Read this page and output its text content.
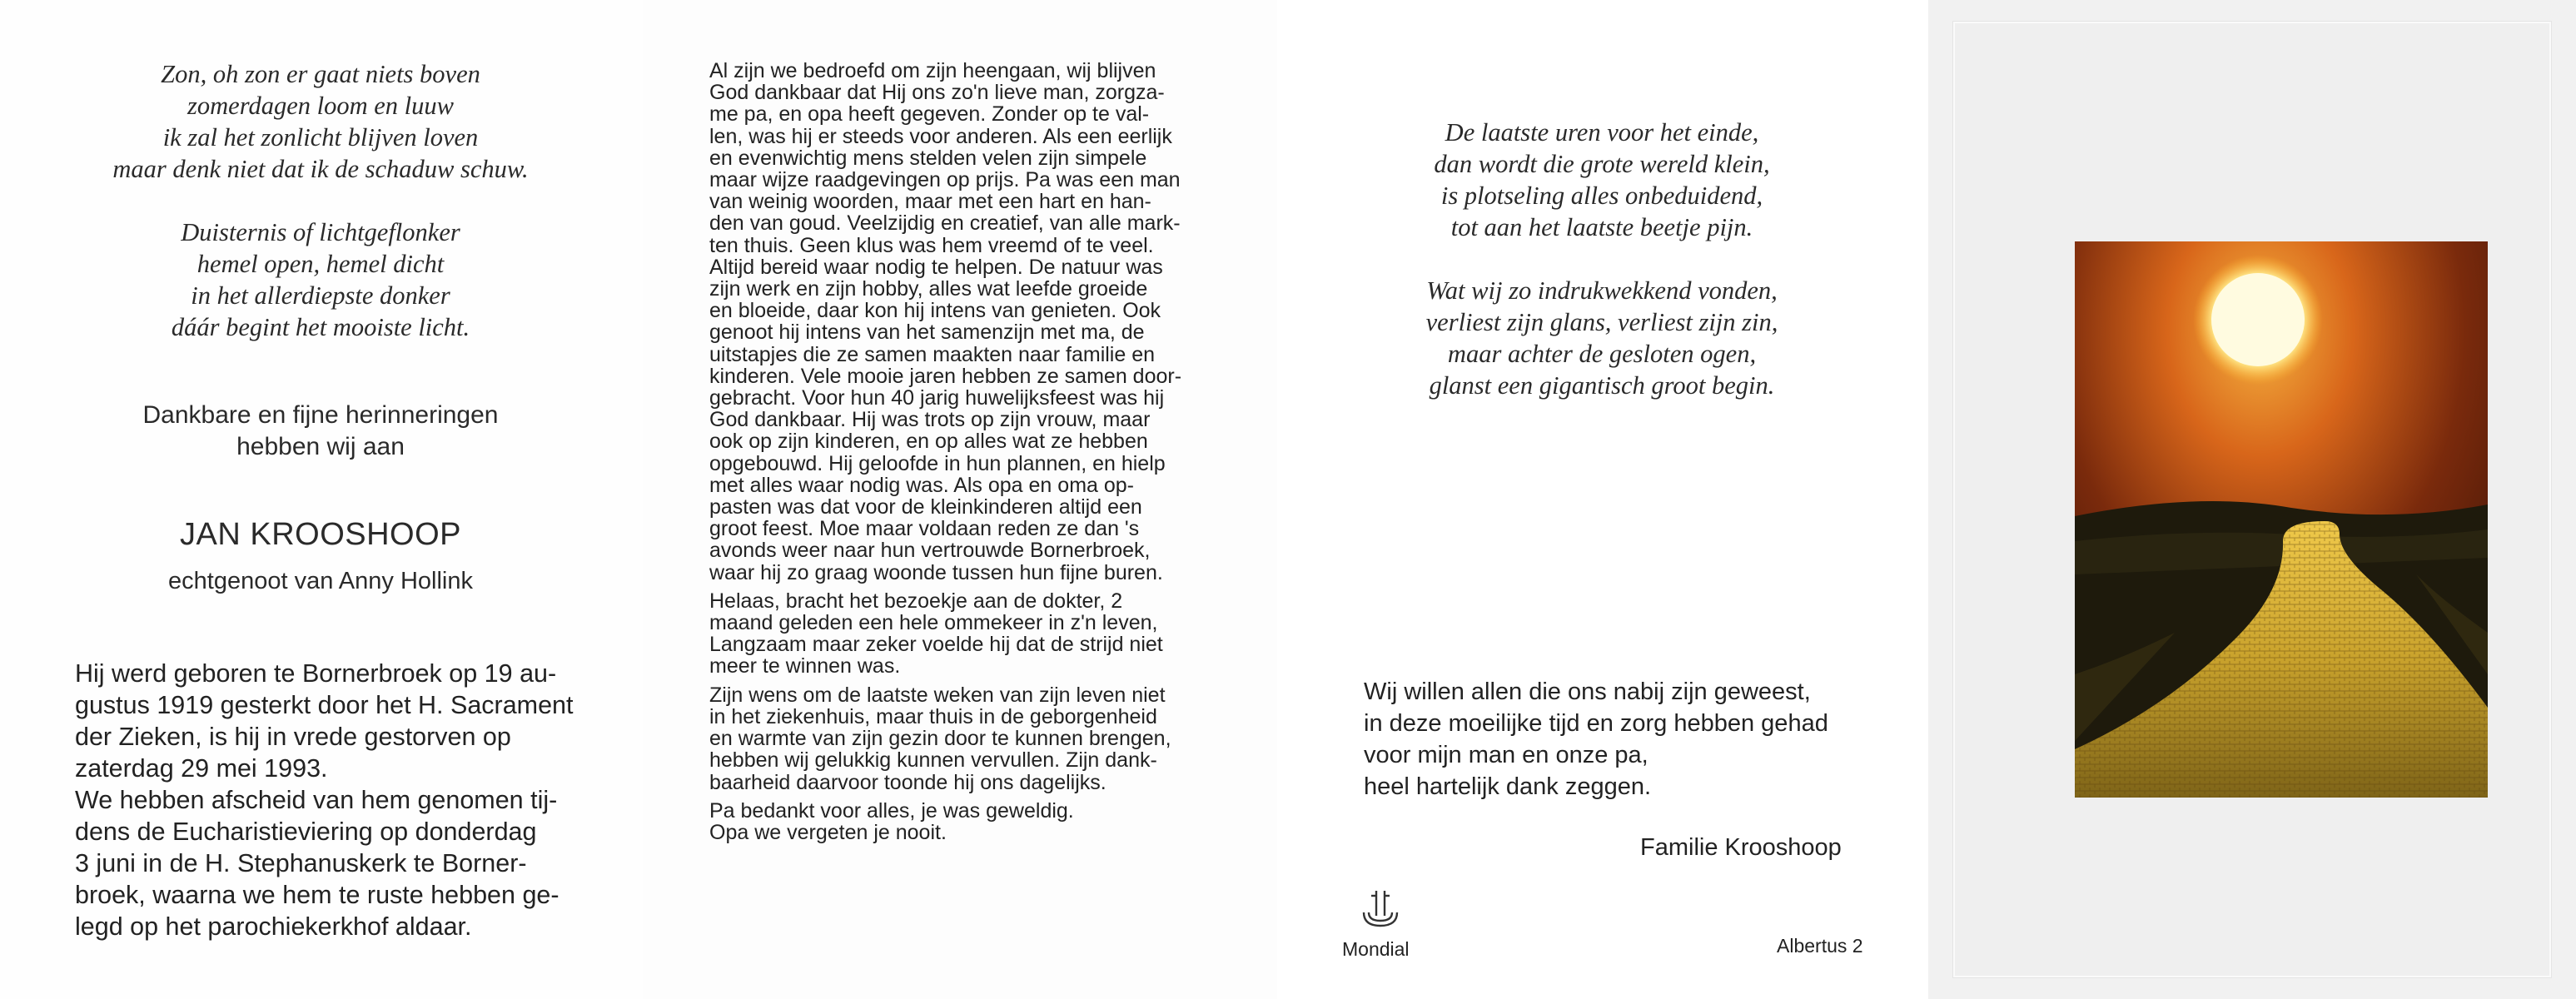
Zon, oh zon er gaat niets boven
zomerdagen loom en luuw
ik zal het zonlicht blijven loven
maar denk niet dat ik de schaduw schuw.
Duisternis of lichtgeflonker
hemel open, hemel dicht
in het allerdiepste donker
dáár begint het mooiste licht.
Dankbare en fijne herinneringen
hebben wij aan
JAN KROOSHOOP
echtgenoot van Anny Hollink
Hij werd geboren te Bornerbroek op 19 au-
gustus 1919 gesterkt door het H. Sacrament
der Zieken, is hij in vrede gestorven op
zaterdag 29 mei 1993.
We hebben afscheid van hem genomen tij-
dens de Eucharistieviering op donderdag
3 juni in de H. Stephanuskerk te Borner-
broek, waarna we hem te ruste hebben ge-
legd op het parochiekerkhof aldaar.
Al zijn we bedroefd om zijn heengaan, wij blijven
God dankbaar dat Hij ons zo'n lieve man, zorgza-
me pa, en opa heeft gegeven. Zonder op te val-
len, was hij er steeds voor anderen. Als een eerlijk
en evenwichtig mens stelden velen zijn simpele
maar wijze raadgevingen op prijs. Pa was een man
van weinig woorden, maar met een hart en han-
den van goud. Veelzijdig en creatief, van alle mark-
ten thuis. Geen klus was hem vreemd of te veel.
Altijd bereid waar nodig te helpen. De natuur was
zijn werk en zijn hobby, alles wat leefde groeide
en bloeide, daar kon hij intens van genieten. Ook
genoot hij intens van het samenzijn met ma, de
uitstapjes die ze samen maakten naar familie en
kinderen. Vele mooie jaren hebben ze samen door-
gebracht. Voor hun 40 jarig huwelijksfeest was hij
God dankbaar. Hij was trots op zijn vrouw, maar
ook op zijn kinderen, en op alles wat ze hebben
opgebouwd. Hij geloofde in hun plannen, en hielp
met alles waar nodig was. Als opa en oma op-
pasten was dat voor de kleinkinderen altijd een
groot feest. Moe maar voldaan reden ze dan 's
avonds weer naar hun vertrouwde Bornerbroek,
waar hij zo graag woonde tussen hun fijne buren.
Helaas, bracht het bezoekje aan de dokter, 2
maand geleden een hele ommekeer in z'n leven,
Langzaam maar zeker voelde hij dat de strijd niet
meer te winnen was.
Zijn wens om de laatste weken van zijn leven niet
in het ziekenhuis, maar thuis in de geborgenheid
en warmte van zijn gezin door te kunnen brengen,
hebben wij gelukkig kunnen vervullen. Zijn dank-
baarheid daarvoor toonde hij ons dagelijks.
Pa bedankt voor alles, je was geweldig.
Opa we vergeten je nooit.
De laatste uren voor het einde,
dan wordt die grote wereld klein,
is plotseling alles onbeduidend,
tot aan het laatste beetje pijn.
Wat wij zo indrukwekkend vonden,
verliest zijn glans, verliest zijn zin,
maar achter de gesloten ogen,
glanst een gigantisch groot begin.
Wij willen allen die ons nabij zijn geweest,
in deze moeilijke tijd en zorg hebben gehad
voor mijn man en onze pa,
heel hartelijk dank zeggen.
Familie Krooshoop
Mondial	Albertus 2
